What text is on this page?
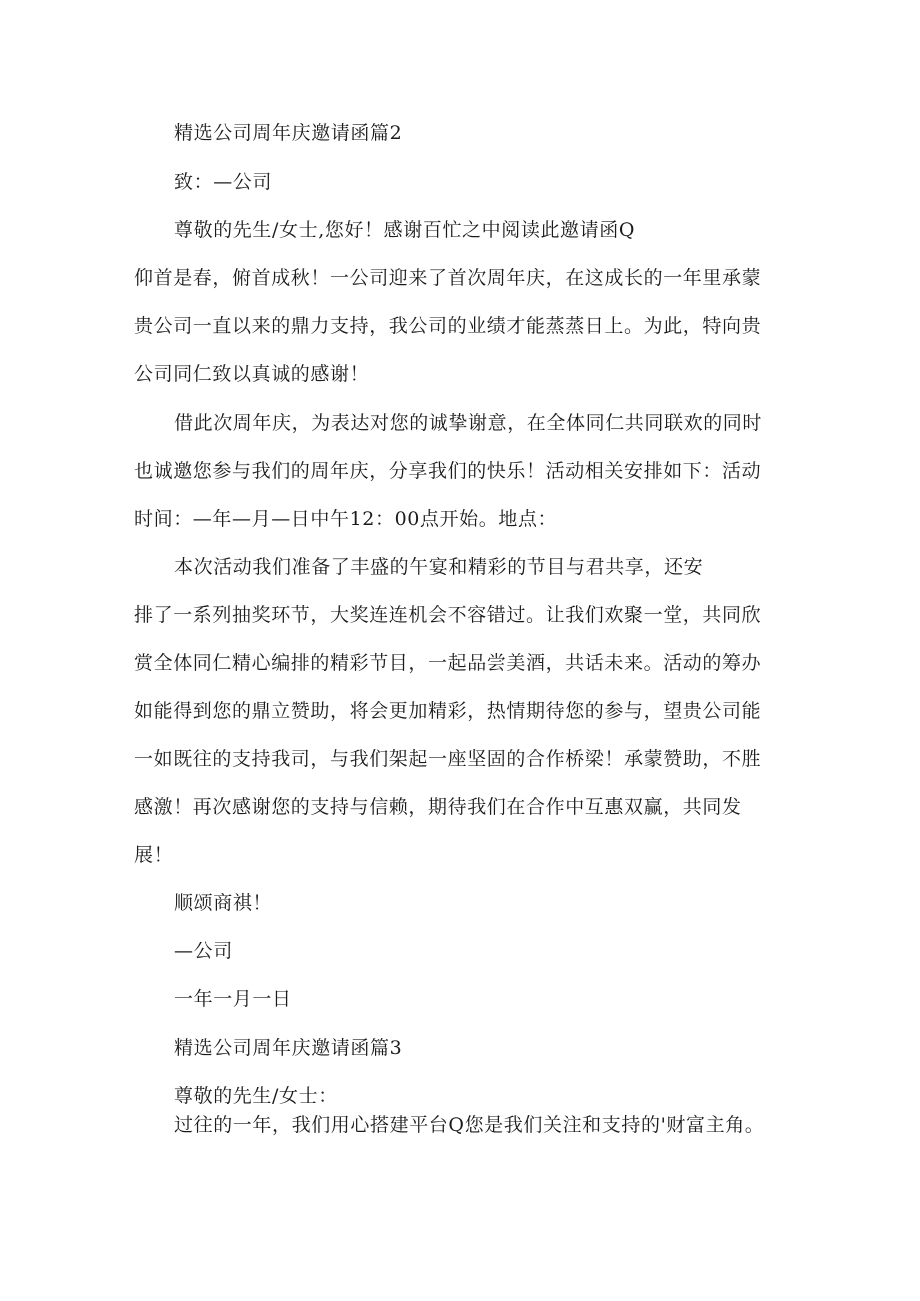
精选公司周年庆邀请函篇2
致：—公司
尊敬的先生/女士,您好！感谢百忙之中阅读此邀请函Q
仰首是春，俯首成秋！一公司迎来了首次周年庆，在这成长的一年里承蒙
贵公司一直以来的鼎力支持，我公司的业绩才能蒸蒸日上。为此，特向贵
公司同仁致以真诚的感谢！
借此次周年庆，为表达对您的诚挚谢意，在全体同仁共同联欢的同时
也诚邀您参与我们的周年庆，分享我们的快乐！活动相关安排如下：活动
时间：—年—月—日中午12：00点开始。地点：
本次活动我们准备了丰盛的午宴和精彩的节目与君共享，还安
排了一系列抽奖环节，大奖连连机会不容错过。让我们欢聚一堂，共同欣
赏全体同仁精心编排的精彩节目，一起品尝美酒，共话未来。活动的筹办
如能得到您的鼎立赞助，将会更加精彩，热情期待您的参与，望贵公司能
一如既往的支持我司，与我们架起一座坚固的合作桥梁！承蒙赞助，不胜
感激！再次感谢您的支持与信赖，期待我们在合作中互惠双赢，共同发
展！
顺颂商祺！
—公司
一年一月一日
精选公司周年庆邀请函篇3
尊敬的先生/女士：
过往的一年，我们用心搭建平台Q您是我们关注和支持的'财富主角。
